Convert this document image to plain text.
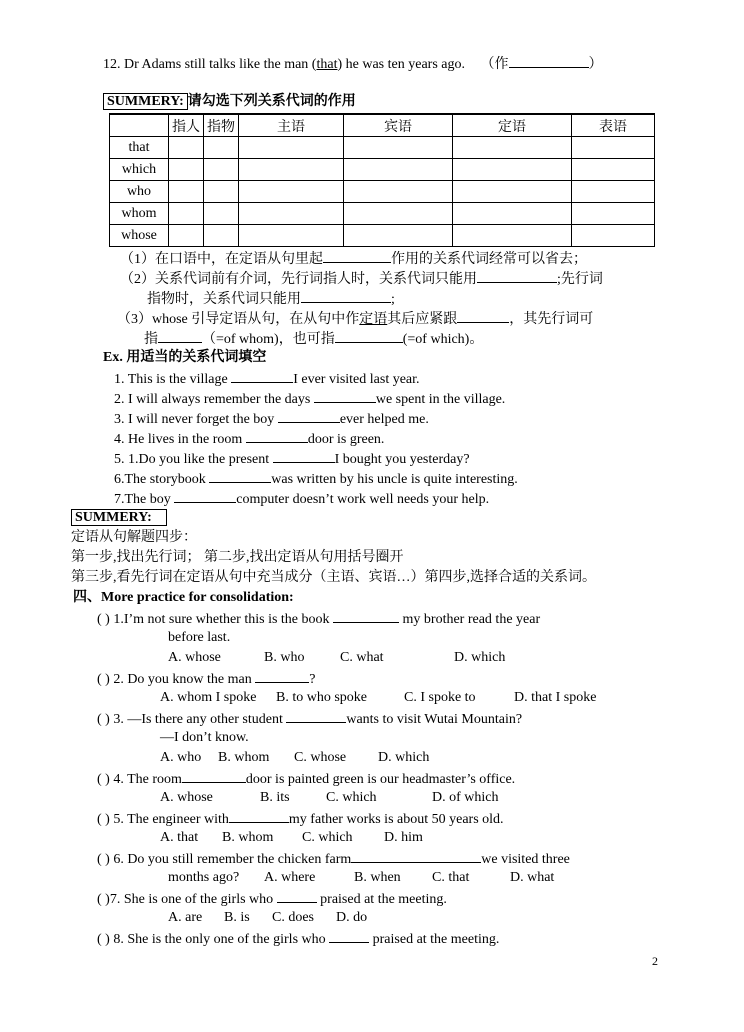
12. Dr Adams still talks like the man (that) he was ten years ago. （作	）
SUMMERY: 请勾选下列关系代词的作用
	指人	指物	主语	宾语	定语	表语
that						
which						
who						
whom						
whose						
（1）在口语中，在定语从句里起	作用的关系代词经常可以省去；
（2）关系代词前有介词，先行词指人时，关系代词只能用	;先行词
指物时，关系代词只能用	;
（3）whose 引导定语从句，在从句中作定语其后应紧跟	，其先行词可
指	（=of whom)，也可指	(=of which)。
Ex. 用适当的关系代词填空
1. This is the village	I ever visited last year.
2. I will always remember the days	we spent in the village.
3. I will never forget the boy	ever helped me.
4. He lives in the room	door is green.
5. 1.Do you like the present	I bought you yesterday?
6.The storybook	was written by his uncle is quite interesting.
7.The boy	computer doesn’t work well needs your help.
SUMMERY:
定语从句解题四步：
第一步,找出先行词； 第二步,找出定语从句用括号圈开
第三步,看先行词在定语从句中充当成分（主语、宾语…）第四步,选择合适的关系词。
四、More practice for consolidation:
( ) 1.I’m not sure whether this is the book	my brother read the year
before last.
A. whose	B. who	C. what	D. which
( ) 2. Do you know the man	?
A. whom I spoke B. to who spoke	C. I spoke to	D. that I spoke
( ) 3. —Is there any other student	wants to visit Wutai Mountain?
—I don’t know.
A. who B. whom C. whose D. which
( ) 4. The room	door is painted green is our headmaster’s office.
A. whose	B. its	C. which	D. of which
( ) 5. The engineer with	my father works is about 50 years old.
A. that B. whom C. which D. him
( ) 6. Do you still remember the chicken farm	we visited three
months ago? A. where	B. when C. that	D. what
( )7. She is one of the girls who	praised at the meeting.
A. are B. is C. does D. do
( ) 8. She is the only one of the girls who	praised at the meeting.
2
